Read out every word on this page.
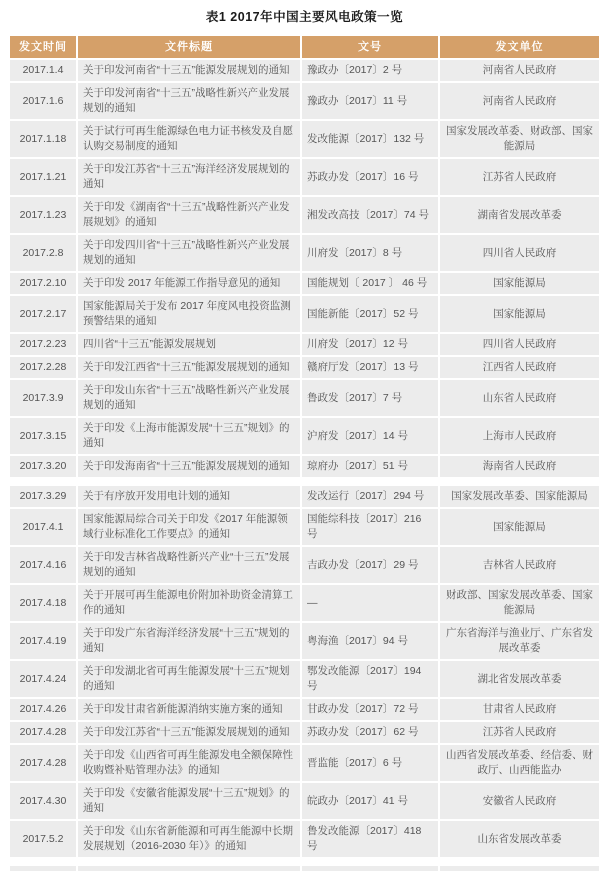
表1 2017年中国主要风电政策一览
发文时间	文件标题	文号	发文单位
2017.1.4	关于印发河南省“十三五”能源发展规划的通知	豫政办〔2017〕2 号	河南省人民政府
2017.1.6	关于印发河南省“十三五”战略性新兴产业发展规划的通知	豫政办〔2017〕11 号	河南省人民政府
2017.1.18	关于试行可再生能源绿色电力证书核发及自愿认购交易制度的通知	发改能源〔2017〕132 号	国家发展改革委、财政部、国家能源局
2017.1.21	关于印发江苏省“十三五”海洋经济发展规划的通知	苏政办发〔2017〕16 号	江苏省人民政府
2017.1.23	关于印发《湖南省“十三五”战略性新兴产业发展规划》的通知	湘发改高技〔2017〕74 号	湖南省发展改革委
2017.2.8	关于印发四川省“十三五”战略性新兴产业发展规划的通知	川府发〔2017〕8 号	四川省人民政府
2017.2.10	关于印发 2017 年能源工作指导意见的通知	国能规划〔 2017 〕 46 号	国家能源局
2017.2.17	国家能源局关于发布 2017 年度风电投资监测预警结果的通知	国能新能〔2017〕52 号	国家能源局
2017.2.23	四川省“十三五”能源发展规划	川府发〔2017〕12 号	四川省人民政府
2017.2.28	关于印发江西省“十三五”能源发展规划的通知	赣府厅发〔2017〕13 号	江西省人民政府
2017.3.9	关于印发山东省“十三五”战略性新兴产业发展规划的通知	鲁政发〔2017〕7 号	山东省人民政府
2017.3.15	关于印发《上海市能源发展“十三五”规划》的通知	沪府发〔2017〕14 号	上海市人民政府
2017.3.20	关于印发海南省“十三五”能源发展规划的通知	琼府办〔2017〕51 号	海南省人民政府
2017.3.29	关于有序放开发用电计划的通知	发改运行〔2017〕294 号	国家发展改革委、国家能源局
2017.4.1	国家能源局综合司关于印发《2017 年能源领域行业标准化工作要点》的通知	国能综科技〔2017〕216 号	国家能源局
2017.4.16	关于印发吉林省战略性新兴产业“十三五”发展规划的通知	吉政办发〔2017〕29 号	吉林省人民政府
2017.4.18	关于开展可再生能源电价附加补助资金清算工作的通知	—	财政部、国家发展改革委、国家能源局
2017.4.19	关于印发广东省海洋经济发展“十三五”规划的通知	粤海渔〔2017〕94 号	广东省海洋与渔业厅、广东省发展改革委
2017.4.24	关于印发湖北省可再生能源发展“十三五”规划的通知	鄂发改能源〔2017〕194 号	湖北省发展改革委
2017.4.26	关于印发甘肃省新能源消纳实施方案的通知	甘政办发〔2017〕72 号	甘肃省人民政府
2017.4.28	关于印发江苏省“十三五”能源发展规划的通知	苏政办发〔2017〕62 号	江苏省人民政府
2017.4.28	关于印发《山西省可再生能源发电全额保障性收购暨补贴管理办法》的通知	晋监能〔2017〕6 号	山西省发展改革委、经信委、财政厅、山西能监办
2017.4.30	关于印发《安徽省能源发展“十三五”规划》的通知	皖政办〔2017〕41 号	安徽省人民政府
2017.5.2	关于印发《山东省新能源和可再生能源中长期发展规划（2016-2030 年）》的通知	鲁发改能源〔2017〕418 号	山东省发展改革委
